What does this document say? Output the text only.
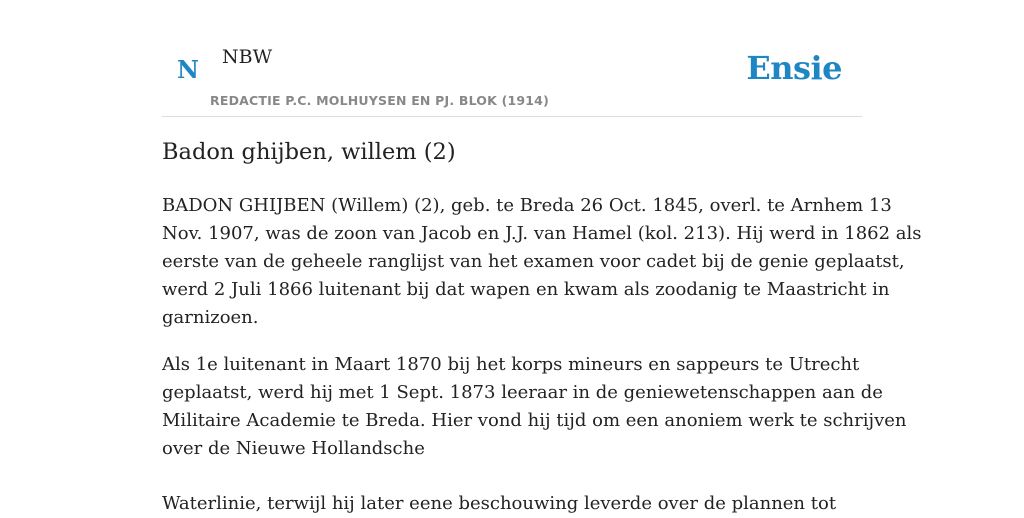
N NBW
REDACTIE P.C. MOLHUYSEN EN PJ. BLOK (1914)
Ensie
Badon ghijben, willem (2)

BADON GHIJBEN (Willem) (2), geb. te Breda 26 Oct. 1845, overl. te Arnhem 13
Nov. 1907, was de zoon van Jacob en J.J. van Hamel (kol. 213). Hij werd in 1862 als
eerste van de geheele ranglijst van het examen voor cadet bij de genie geplaatst,
werd 2 Juli 1866 luitenant bij dat wapen en kwam als zoodanig te Maastricht in
garnizoen.

Als 1e luitenant in Maart 1870 bij het korps mineurs en sappeurs te Utrecht
geplaatst, werd hij met 1 Sept. 1873 leeraar in de geniewetenschappen aan de
Militaire Academie te Breda. Hier vond hij tijd om een anoniem werk te schrijven
over de Nieuwe Hollandsche

Waterlinie, terwijl hij later eene beschouwing leverde over de plannen tot
